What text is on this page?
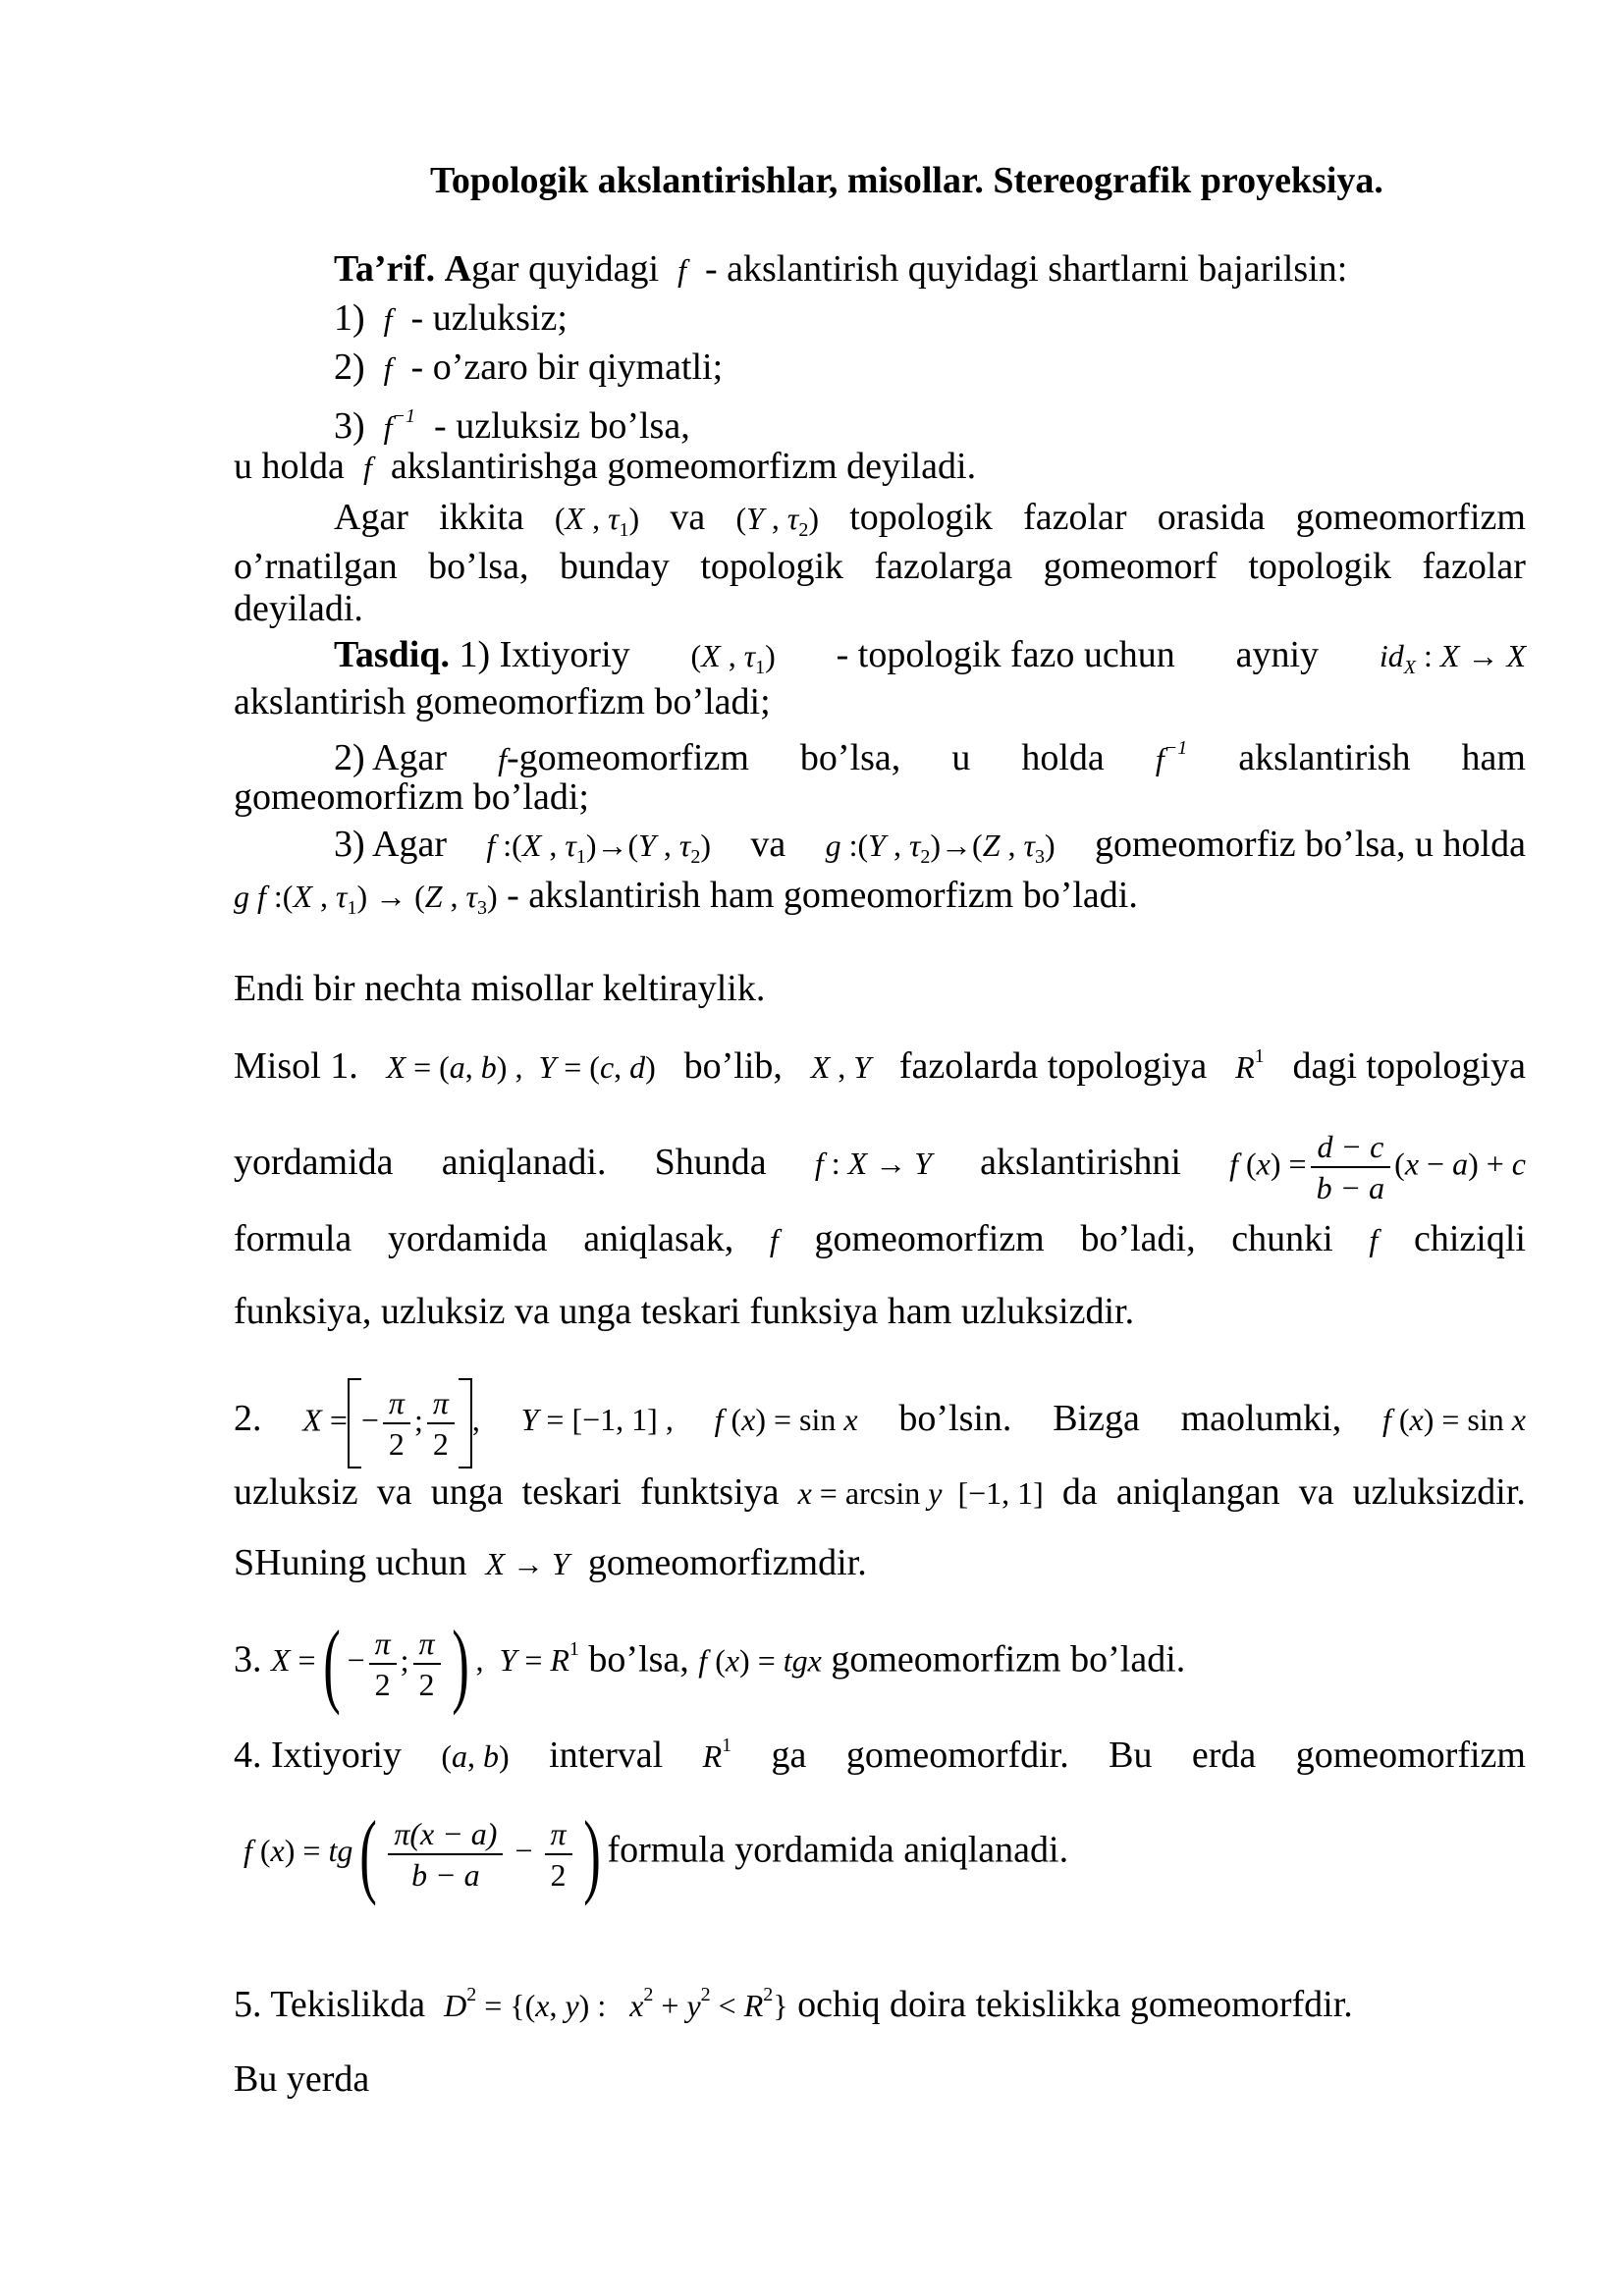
Topologik akslantirishlar, misollar. Stereografik proyeksiya.
Ta’rif. Agar quyidagi f - akslantirish quyidagi shartlarni bajarilsin:
1) f - uzluksiz;
2) f - o’zaro bir qiymatli;
3) $f^{-1}$ - uzluksiz bo’lsa,
u holda f akslantirishga gomeomorfizm deyiladi.
Agar ikkita (X , $\tau_1$) va (Y , $\tau_2$) topologik fazolar orasida gomeomorfizm
o’rnatilgan bo’lsa, bunday topologik fazolarga gomeomorf topologik fazolar
deyiladi.
Tasdiq. 1) Ixtiyoriy (X , $\tau_1$) - topologik fazo uchun ayniy $id_X$ : X → X
akslantirish gomeomorfizm bo’ladi;
2) Agar f-gomeomorfizm bo’lsa, u holda $f^{-1}$ akslantirish ham
gomeomorfizm bo’ladi;
3) Agar f :(X , $\tau_1)\to(Y$ , $\tau_2$) va g :(Y , $\tau_2)\to(Z$ , $\tau_3$) gomeomorfiz bo’lsa, u holda
g f :(X , $\tau_1) \to (Z$ , $\tau_3$) - akslantirish ham gomeomorfizm bo’ladi.
Endi bir nechta misollar keltiraylik.
Misol 1. X = (a, b) ,  Y = (c, d) bo’lib, X , Y fazolarda topologiya $R^1$ dagi topologiya
yordamida aniqlanadi. Shunda f : X → Y akslantirishni f $(x) = \frac{d - c}{b - a} (x - a) + c$
formula yordamida aniqlasak, f gomeomorfizm bo’ladi, chunki f chiziqli
funksiya, uzluksiz va unga teskari funksiya ham uzluksizdir.
2. X = − $\frac{\pi}{2}$ ; $\frac{\pi}{2}$ , Y = [−1, 1] , f (x) = sin x bo’lsin. Bizga maolumki, f (x) = sin x
uzluksiz va unga teskari funktsiya x = arcsin y  [−1, 1] da aniqlangan va uzluksizdir.
SHuning uchun X → Y gomeomorfizmdir.
3. X =( − $\frac{\pi}{2}$ ; $\frac{\pi}{2}$ ) ,  $Y = R^1$ bo’lsa, f (x) = tgx gomeomorfizm bo’ladi.
4. Ixtiyoriy (a, b) interval $R^1$ ga gomeomorfdir. Bu erda gomeomorfizm
f $(x) = tg( \frac{\pi(x - a)}{b - a} - \frac{\pi}{2}$ ) formula yordamida aniqlanadi.
5. Tekislikda $D^2 = \{(x$, y) :   $x^2 + y^2 < R^2$} ochiq doira tekislikka gomeomorfdir.
Bu yerda
